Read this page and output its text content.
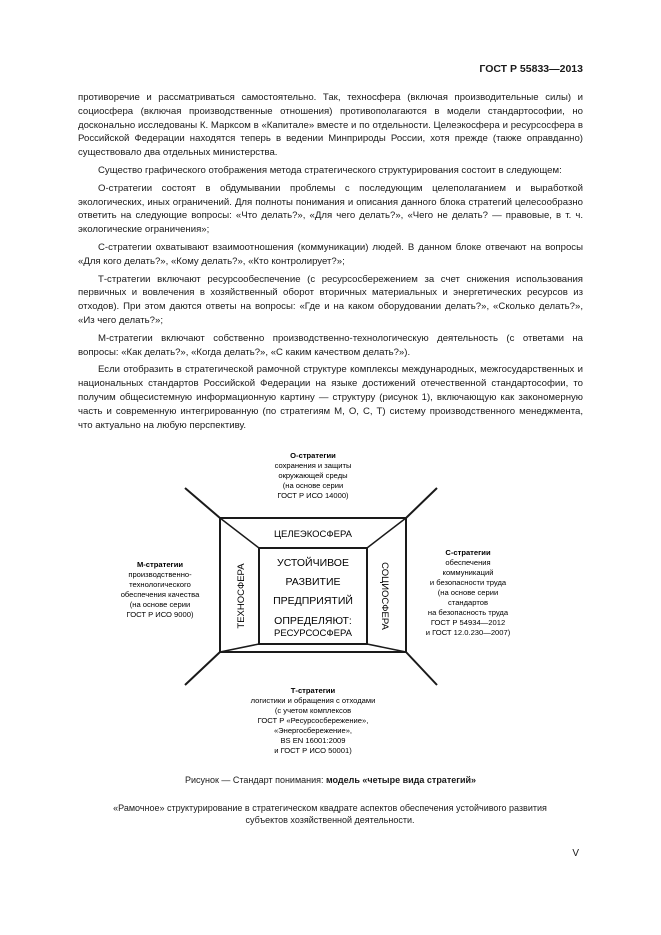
ГОСТ Р 55833—2013

противоречие и рассматриваться самостоятельно. Так, техносфера (включая производительные силы) и социосфера (включая производственные отношения) противополагаются в модели стандартософии, но досконально исследованы К. Марксом в «Капитале» вместе и по отдельности. Целеэкосфера и ресурсосфера в Российской Федерации находятся теперь в ведении Минприроды России, хотя прежде (также оправданно) существовало два отдельных министерства.

Существо графического отображения метода стратегического структурирования состоит в следующем:

О-стратегии состоят в обдумывании проблемы с последующим целеполаганием и выработкой экологических, иных ограничений. Для полноты понимания и описания данного блока стратегий целесообразно ответить на следующие вопросы: «Что делать?», «Для чего делать?», «Чего не делать? — правовые, в т. ч. экологические ограничения»;

С-стратегии охватывают взаимоотношения (коммуникации) людей. В данном блоке отвечают на вопросы «Для кого делать?», «Кому делать?», «Кто контролирует?»;

Т-стратегии включают ресурсообеспечение (с ресурсосбережением за счет снижения использования первичных и вовлечения в хозяйственный оборот вторичных материальных и энергетических ресурсов из отходов). При этом даются ответы на вопросы: «Где и на каком оборудовании делать?», «Сколько делать?», «Из чего делать?»;

М-стратегии включают собственно производственно-технологическую деятельность (с ответами на вопросы: «Как делать?», «Когда делать?», «С каким качеством делать?»).

Если отобразить в стратегической рамочной структуре комплексы международных, межгосударственных и национальных стандартов Российской Федерации на языке достижений отечественной стандартософии, то получим общесистемную информационную картину — структуру (рисунок 1), включающую как закономерную часть и современную интегрированную (по стратегиям М, О, С, Т) систему производственного менеджмента, что актуально на любую перспективу.

ЦЕЛЕЭКОСФЕРА
РЕСУРСОСФЕРА
ТЕХНОСФЕРА	СОЦИОСФЕРА
УСТОЙЧИВОЕ
РАЗВИТИЕ
ПРЕДПРИЯТИЙ
ОПРЕДЕЛЯЮТ:
О-стратегии
сохранения и защиты
окружающей среды
(на основе серии
ГОСТ Р ИСО 14000)
М-стратегии
производственно-
технологического
обеспечения качества
(на основе серии
ГОСТ Р ИСО 9000)
С-стратегии
обеспечения
коммуникаций
и безопасности труда
(на основе серии
стандартов
на безопасность труда
ГОСТ Р 54934—2012
и ГОСТ 12.0.230—2007)
Т-стратегии
логистики и обращения с отходами
(с учетом комплексов
ГОСТ Р «Ресурсосбережение»,
«Энергосбережение»,
BS EN 16001:2009
и ГОСТ Р ИСО 50001)
Рисунок — Стандарт понимания: модель «четыре вида стратегий»
«Рамочное» структурирование в стратегическом квадрате аспектов обеспечения устойчивого развития субъектов хозяйственной деятельности.
V
